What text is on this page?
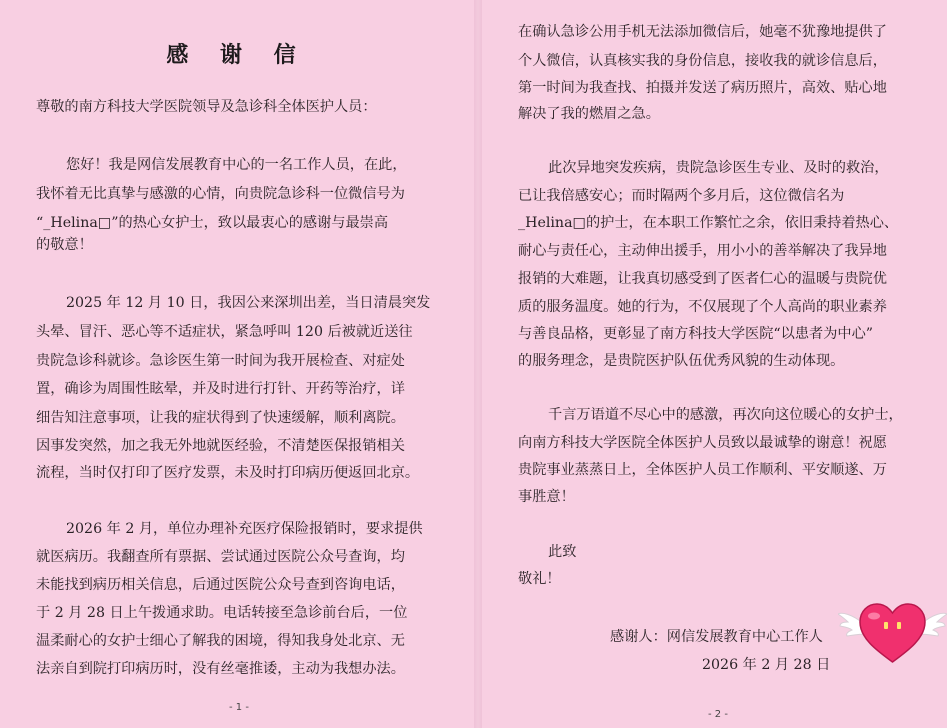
感 谢 信
尊敬的南方科技大学医院领导及急诊科全体医护人员：
您好！我是网信发展教育中心的一名工作人员，在此，
我怀着无比真挚与感激的心情，向贵院急诊科一位微信号为
“_Helina□”的热心女护士，致以最衷心的感谢与最崇高
的敬意！
2025 年 12 月 10 日，我因公来深圳出差，当日清晨突发
头晕、冒汗、恶心等不适症状，紧急呼叫 120 后被就近送往
贵院急诊科就诊。急诊医生第一时间为我开展检查、对症处
置，确诊为周围性眩晕，并及时进行打针、开药等治疗，详
细告知注意事项，让我的症状得到了快速缓解，顺利离院。
因事发突然，加之我无外地就医经验，不清楚医保报销相关
流程，当时仅打印了医疗发票，未及时打印病历便返回北京。
2026 年 2 月，单位办理补充医疗保险报销时，要求提供
就医病历。我翻查所有票据、尝试通过医院公众号查询，均
未能找到病历相关信息，后通过医院公众号查到咨询电话，
于 2 月 28 日上午拨通求助。电话转接至急诊前台后，一位
温柔耐心的女护士细心了解我的困境，得知我身处北京、无
法亲自到院打印病历时，没有丝毫推诿，主动为我想办法。
- 1 -
在确认急诊公用手机无法添加微信后，她毫不犹豫地提供了
个人微信，认真核实我的身份信息，接收我的就诊信息后，
第一时间为我查找、拍摄并发送了病历照片，高效、贴心地
解决了我的燃眉之急。
此次异地突发疾病，贵院急诊医生专业、及时的救治，
已让我倍感安心；而时隔两个多月后，这位微信名为
_Helina□的护士，在本职工作繁忙之余，依旧秉持着热心、
耐心与责任心，主动伸出援手，用小小的善举解决了我异地
报销的大难题，让我真切感受到了医者仁心的温暖与贵院优
质的服务温度。她的行为，不仅展现了个人高尚的职业素养
与善良品格，更彰显了南方科技大学医院“以患者为中心”
的服务理念，是贵院医护队伍优秀风貌的生动体现。
千言万语道不尽心中的感激，再次向这位暖心的女护士，
向南方科技大学医院全体医护人员致以最诚挚的谢意！祝愿
贵院事业蒸蒸日上，全体医护人员工作顺利、平安顺遂、万
事胜意！
此致
敬礼！
感谢人：网信发展教育中心工作人
2026 年 2 月 28 日
- 2 -
